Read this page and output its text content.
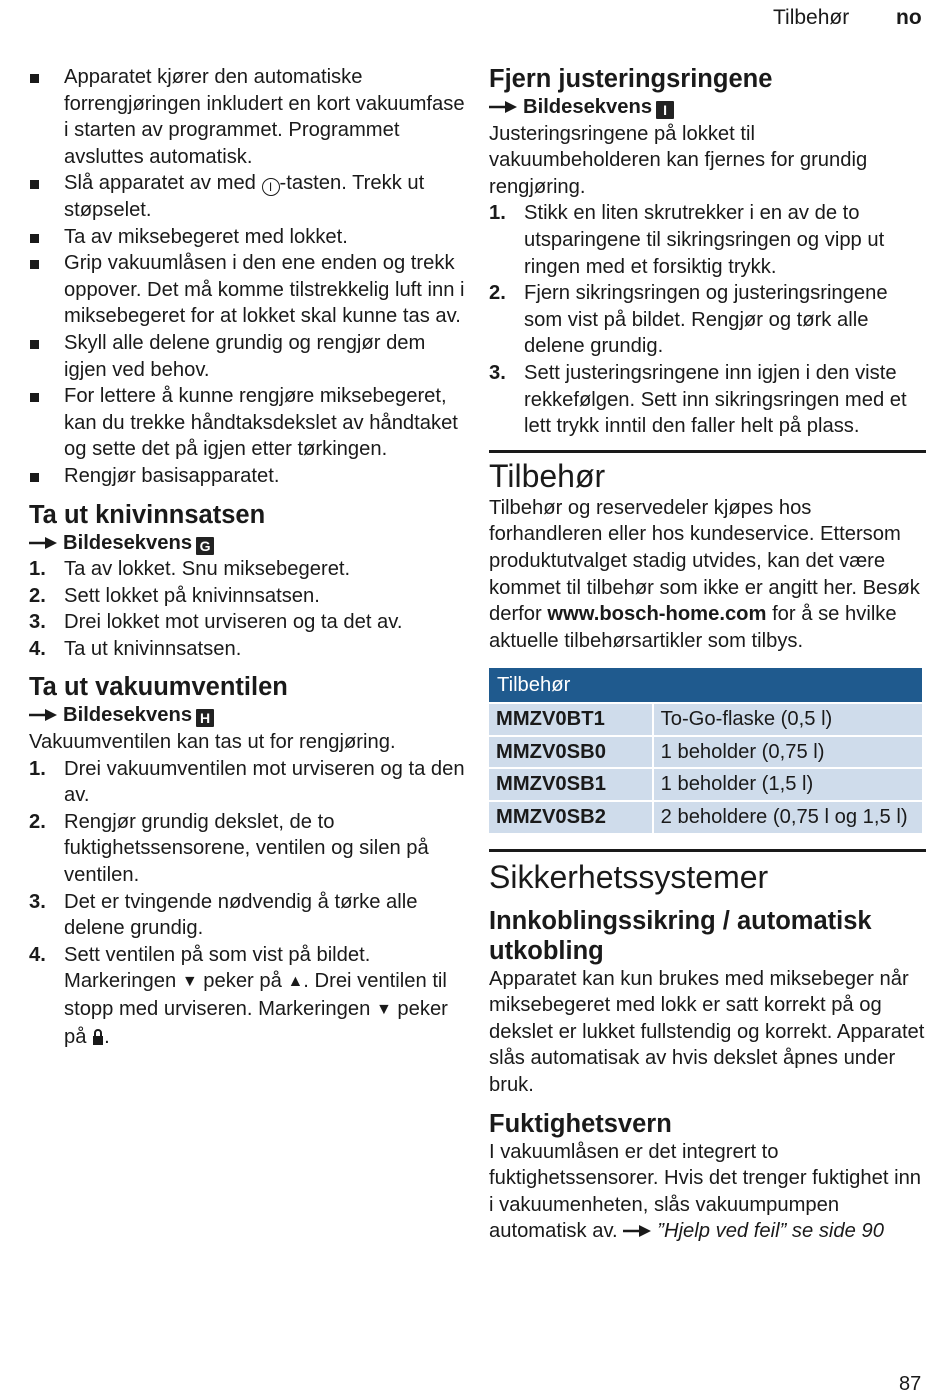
Tilbehør no
Apparatet kjører den automatiske forrengjøringen inkludert en kort vakuumfase i starten av programmet. Programmet avsluttes automatisk.
Slå apparatet av med I -tasten. Trekk ut støpselet.
Ta av miksebegeret med lokket.
Grip vakuumlåsen i den ene enden og trekk oppover. Det må komme tilstrekkelig luft inn i miksebegeret for at lokket skal kunne tas av.
Skyll alle delene grundig og rengjør dem igjen ved behov.
For lettere å kunne rengjøre miksebegeret, kan du trekke håndtaksdekslet av håndtaket og sette det på igjen etter tørkingen.
Rengjør basisapparatet.
Ta ut knivinnsatsen
Bildesekvens G
1. Ta av lokket. Snu miksebegeret.
2. Sett lokket på knivinnsatsen.
3. Drei lokket mot urviseren og ta det av.
4. Ta ut knivinnsatsen.
Ta ut vakuumventilen
Bildesekvens H

Vakuumventilen kan tas ut for rengjøring.

1. Drei vakuumventilen mot urviseren og ta den av.
2. Rengjør grundig dekslet, de to fuktighetssensorene, ventilen og silen på ventilen.
3. Det er tvingende nødvendig å tørke alle delene grundig.
4. Sett ventilen på som vist på bildet. Markeringen ▼ peker på ▲. Drei ventilen til stopp med urviseren. Markeringen ▼ peker på .
Fjern justeringsringene
Bildesekvens I

Justeringsringene på lokket til vakuumbeholderen kan fjernes for grundig rengjøring.

1. Stikk en liten skrutrekker i en av de to utsparingene til sikringsringen og vipp ut ringen med et forsiktig trykk.
2. Fjern sikringsringen og justeringsringene som vist på bildet. Rengjør og tørk alle delene grundig.
3. Sett justeringsringene inn igjen i den viste rekkefølgen. Sett inn sikringsringen med et lett trykk inntil den faller helt på plass.
Tilbehør

Tilbehør og reservedeler kjøpes hos forhandleren eller hos kundeservice. Ettersom produktutvalget stadig utvides, kan det være kommet til tilbehør som ikke er angitt her. Besøk derfor www.bosch-home.com for å se hvilke aktuelle tilbehørsartikler som tilbys.

Tilbehør	
MMZV0BT1	To-Go-flaske (0,5 l)
MMZV0SB0	1 beholder (0,75 l)
MMZV0SB1	1 beholder (1,5 l)
MMZV0SB2	2 beholdere (0,75 l og 1,5 l)
Sikkerhetssystemer
Innkoblingssikring / automatisk utkobling

Apparatet kan kun brukes med miksebeger når miksebegeret med lokk er satt korrekt på og dekslet er lukket fullstendig og korrekt. Apparatet slås automatisak av hvis dekslet åpnes under bruk.

Fuktighetsvern

I vakuumlåsen er det integrert to fuktighetssensorer. Hvis det trenger fuktighet inn i vakuumenheten, slås vakuumpumpen automatisk av. ”Hjelp ved feil” se side 90

87
